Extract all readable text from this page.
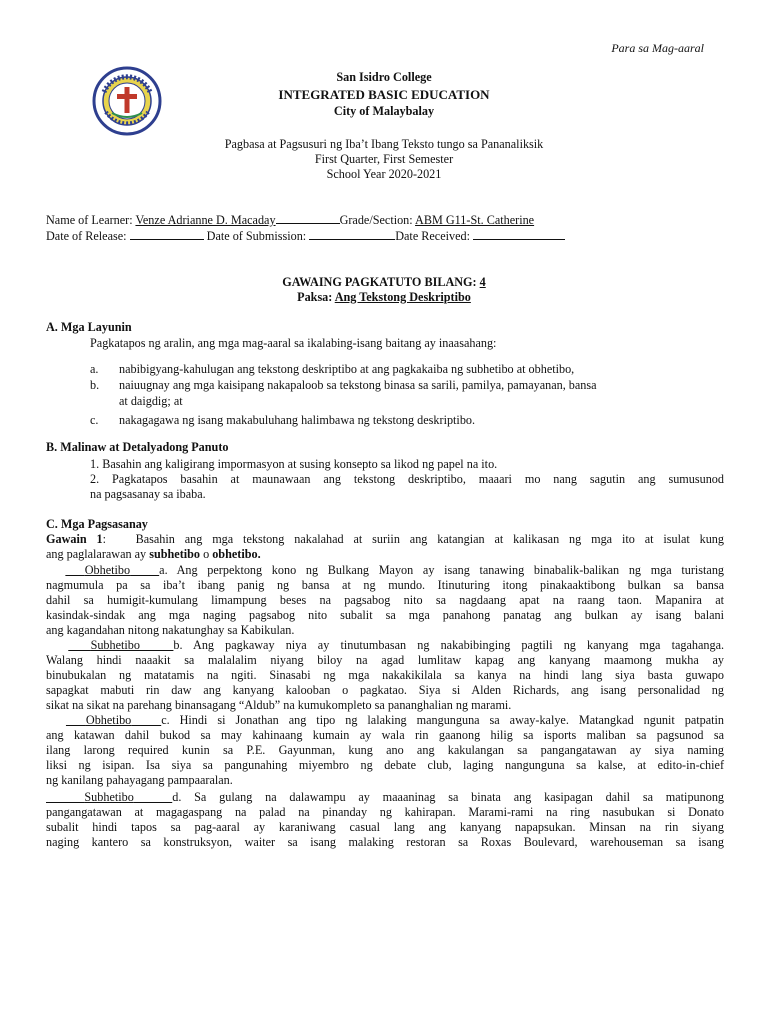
Para sa Mag-aaral
San Isidro College
INTEGRATED BASIC EDUCATION
City of Malaybalay
Pagbasa at Pagsusuri ng Iba’t Ibang Teksto tungo sa Pananaliksik
First Quarter, First Semester
School Year 2020-2021
Name of Learner: Venze Adrianne D. Macaday	Grade/Section: ABM G11-St. Catherine
Date of Release:	Date of Submission:	Date Received:
GAWAING PAGKATUTO BILANG: 4
Paksa: Ang Tekstong Deskriptibo
A. Mga Layunin
Pagkatapos ng aralin, ang mga mag-aaral sa ikalabing-isang baitang ay inaasahang:
a. nabibigyang-kahulugan ang tekstong deskriptibo at ang pagkakaiba ng subhetibo at obhetibo,
b. naiuugnay ang mga kaisipang nakapaloob sa tekstong binasa sa sarili, pamilya, pamayanan, bansa
at daigdig; at
c. nakagagawa ng isang makabuluhang halimbawa ng tekstong deskriptibo.
B. Malinaw at Detalyadong Panuto
1. Basahin ang kaligirang impormasyon at susing konsepto sa likod ng papel na ito.
2. Pagkatapos basahin at maunawaan ang tekstong deskriptibo, maaari mo nang sagutin ang sumusunod
na pagsasanay sa ibaba.
C. Mga Pagsasanay
Gawain 1:   Basahin ang mga tekstong nakalahad at suriin ang katangian at kalikasan ng mga ito at isulat kung
ang paglalarawan ay subhetibo o obhetibo.
Obhetibo a. Ang perpektong kono ng Bulkang Mayon ay isang tanawing binabalik-balikan ng mga turistang
nagmumula pa sa iba’t ibang panig ng bansa at ng mundo. Itinuturing itong pinakaaktibong bulkan sa bansa
dahil sa humigit-kumulang limampung beses na pagsabog nito sa nagdaang apat na raang taon. Mapanira at
kasindak-sindak ang mga naging pagsabog nito subalit sa mga panahong panatag ang bulkan ay isang balani
ang kagandahan nitong nakatunghay sa Kabikulan.
Subhetibo	b. Ang pagkaway niya ay tinutumbasan ng nakabibinging pagtili ng kanyang mga tagahanga.
Walang hindi naaakit sa malalalim niyang biloy na agad lumlitaw kapag ang kanyang maamong mukha ay
binubukalan ng matatamis na ngiti. Sinasabi ng mga nakakikilala sa kanya na hindi lang siya basta guwapo
sapagkat mabuti rin daw ang kanyang kalooban o pagkatao. Siya si Alden Richards, ang isang personalidad ng
sikat na sikat na parehang binansagang “Aldub” na kumukompleto sa pananghalian ng marami.
Obhetibo c. Hindi si Jonathan ang tipo ng lalaking mangunguna sa away-kalye. Matangkad ngunit patpatin
ang katawan dahil bukod sa may kahinaang kumain ay wala rin gaanong hilig sa isports maliban sa pagsunod sa
ilang larong required kunin sa P.E. Gayunman, kung ano ang kakulangan sa pangangatawan ay siya naming
liksi ng isipan. Isa siya sa pangunahing miyembro ng debate club, laging nangunguna sa kalse, at edito-in-chief
ng kanilang pahayagang pampaaralan.
Subhetibo	d. Sa gulang na dalawampu ay maaaninag sa binata ang kasipagan dahil sa matipunong
pangangatawan at magagaspang na palad na pinanday ng kahirapan. Marami-rami na ring nasubukan si Donato
subalit hindi tapos sa pag-aaral ay karaniwang casual lang ang kanyang napapsukan. Minsan na rin siyang
naging kantero sa konstruksyon, waiter sa isang malaking restoran sa Roxas Boulevard, warehouseman sa isang
